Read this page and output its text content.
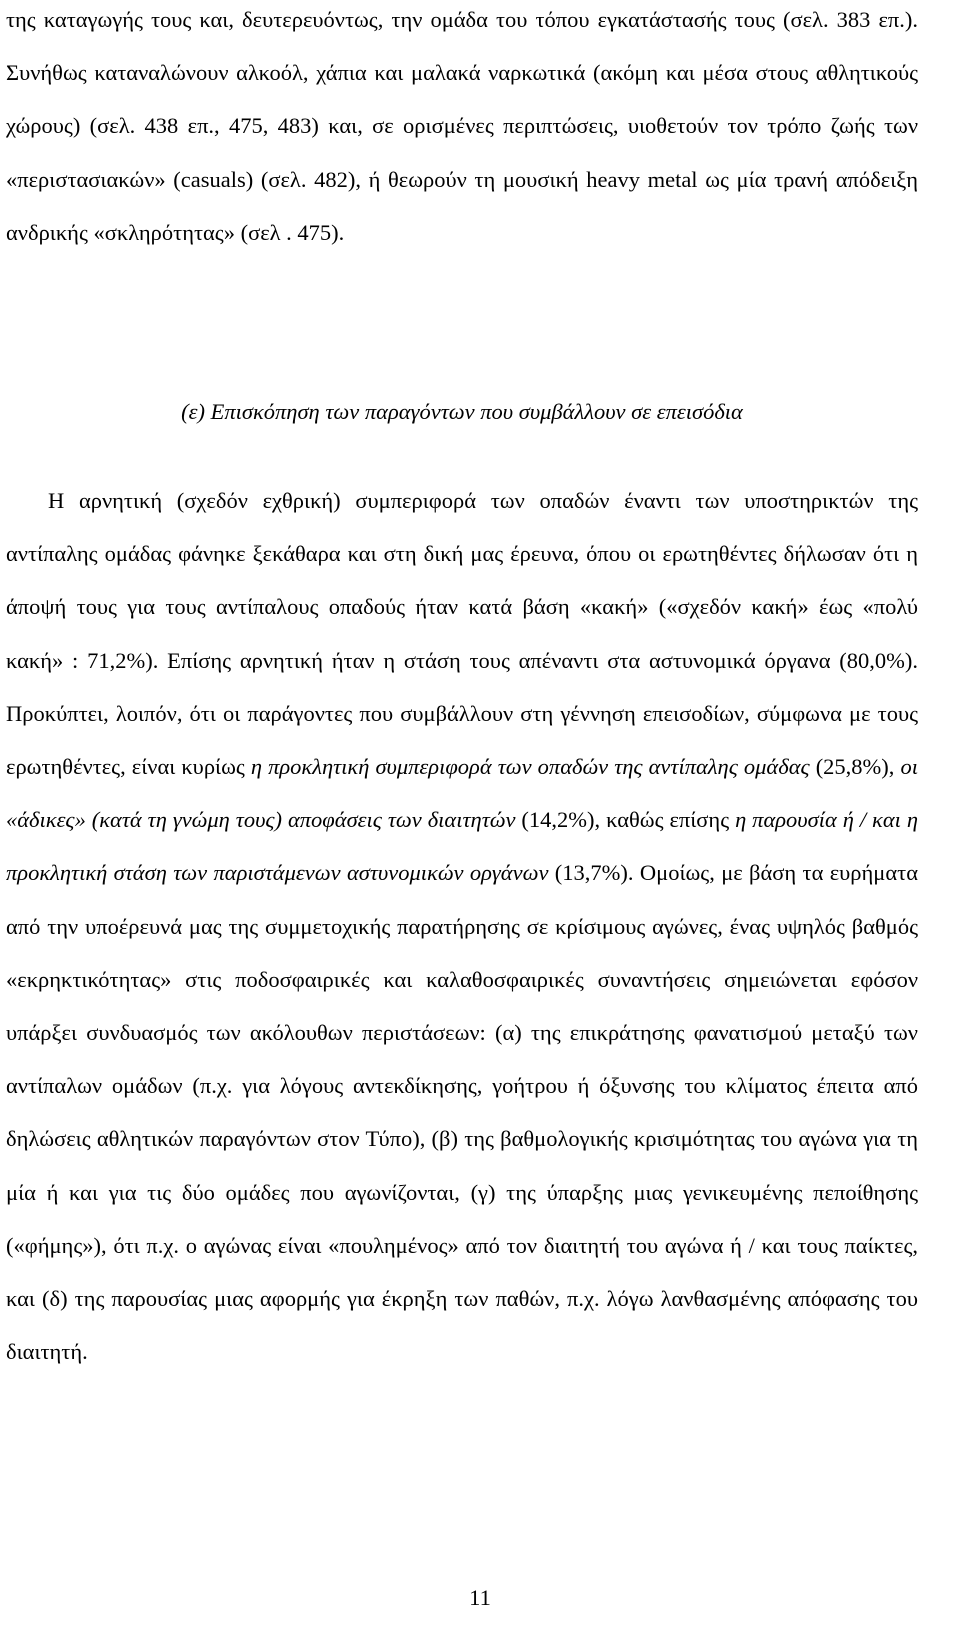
της καταγωγής τους και, δευτερευόντως, την ομάδα του τόπου εγκατάστασής τους (σελ. 383 επ.). Συνήθως καταναλώνουν αλκοόλ, χάπια και μαλακά ναρκωτικά (ακόμη και μέσα στους αθλητικούς χώρους) (σελ. 438 επ., 475, 483) και, σε ορισμένες περιπτώσεις, υιοθετούν τον τρόπο ζωής των «περιστασιακών» (casuals) (σελ. 482), ή θεωρούν τη μουσική heavy metal ως μία τρανή απόδειξη ανδρικής «σκληρότητας» (σελ . 475).

(ε) Επισκόπηση των παραγόντων που συμβάλλουν σε επεισόδια

Η αρνητική (σχεδόν εχθρική) συμπεριφορά των οπαδών έναντι των υποστηρικτών της αντίπαλης ομάδας φάνηκε ξεκάθαρα και στη δική μας έρευνα, όπου οι ερωτηθέντες δήλωσαν ότι η άποψή τους για τους αντίπαλους οπαδούς ήταν κατά βάση «κακή» («σχεδόν κακή» έως «πολύ κακή» : 71,2%). Επίσης αρνητική ήταν η στάση τους απέναντι στα αστυνομικά όργανα (80,0%). Προκύπτει, λοιπόν, ότι οι παράγοντες που συμβάλλουν στη γέννηση επεισοδίων, σύμφωνα με τους ερωτηθέντες, είναι κυρίως η προκλητική συμπεριφορά των οπαδών της αντίπαλης ομάδας (25,8%), οι «άδικες» (κατά τη γνώμη τους) αποφάσεις των διαιτητών (14,2%), καθώς επίσης η παρουσία ή / και η προκλητική στάση των παριστάμενων αστυνομικών οργάνων (13,7%). Ομοίως, με βάση τα ευρήματα από την υποέρευνά μας της συμμετοχικής παρατήρησης σε κρίσιμους αγώνες, ένας υψηλός βαθμός «εκρηκτικότητας» στις ποδοσφαιρικές και καλαθοσφαιρικές συναντήσεις σημειώνεται εφόσον υπάρξει συνδυασμός των ακόλουθων περιστάσεων: (α) της επικράτησης φανατισμού μεταξύ των αντίπαλων ομάδων (π.χ. για λόγους αντεκδίκησης, γοήτρου ή όξυνσης του κλίματος έπειτα από δηλώσεις αθλητικών παραγόντων στον Τύπο), (β) της βαθμολογικής κρισιμότητας του αγώνα για τη μία ή και για τις δύο ομάδες που αγωνίζονται, (γ) της ύπαρξης μιας γενικευμένης πεποίθησης («φήμης»), ότι π.χ. ο αγώνας είναι «πουλημένος» από τον διαιτητή του αγώνα ή / και τους παίκτες, και (δ) της παρουσίας μιας αφορμής για έκρηξη των παθών, π.χ. λόγω λανθασμένης απόφασης του διαιτητή.

11
